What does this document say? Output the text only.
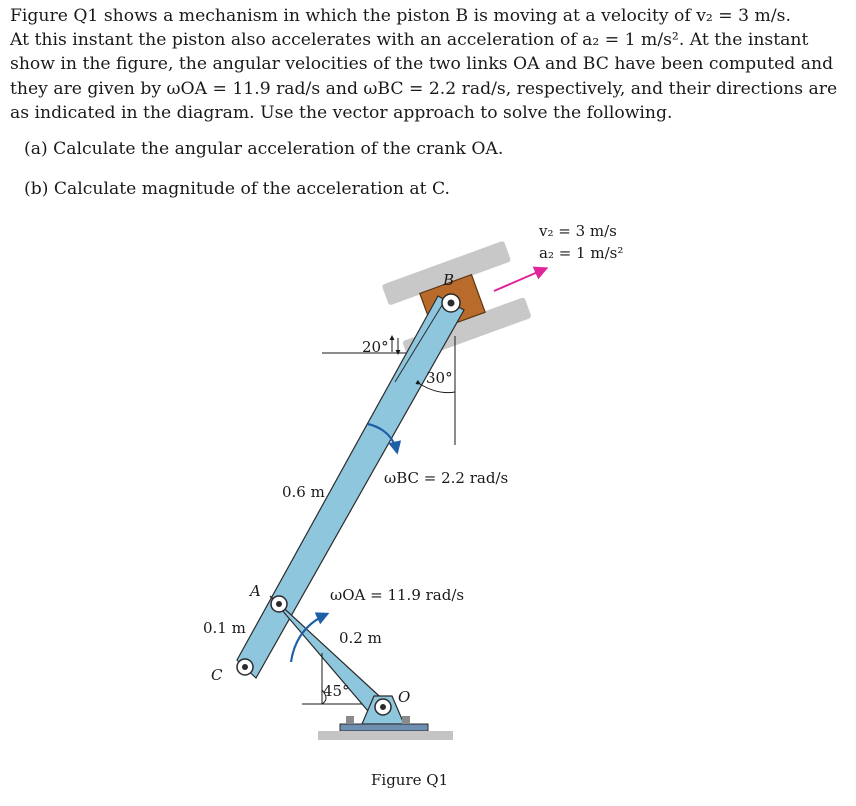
Figure Q1 shows a mechanism in which the piston B is moving at a velocity of v₂ = 3 m/s.
At this instant the piston also accelerates with an acceleration of a₂ = 1 m/s². At the instant
show in the figure, the angular velocities of the two links OA and BC have been computed and
they are given by ωOA = 11.9 rad/s and ωBC = 2.2 rad/s, respectively, and their directions are
as indicated in the diagram. Use the vector approach to solve the following.
(a) Calculate the angular acceleration of the crank OA.
(b) Calculate magnitude of the acceleration at C.
v₂ = 3 m/s
a₂ = 1 m/s²
B
A
C
O
20°
30°
45°
0.6 m
0.1 m
0.2 m
ωBC = 2.2 rad/s
ωOA = 11.9 rad/s
Figure Q1
